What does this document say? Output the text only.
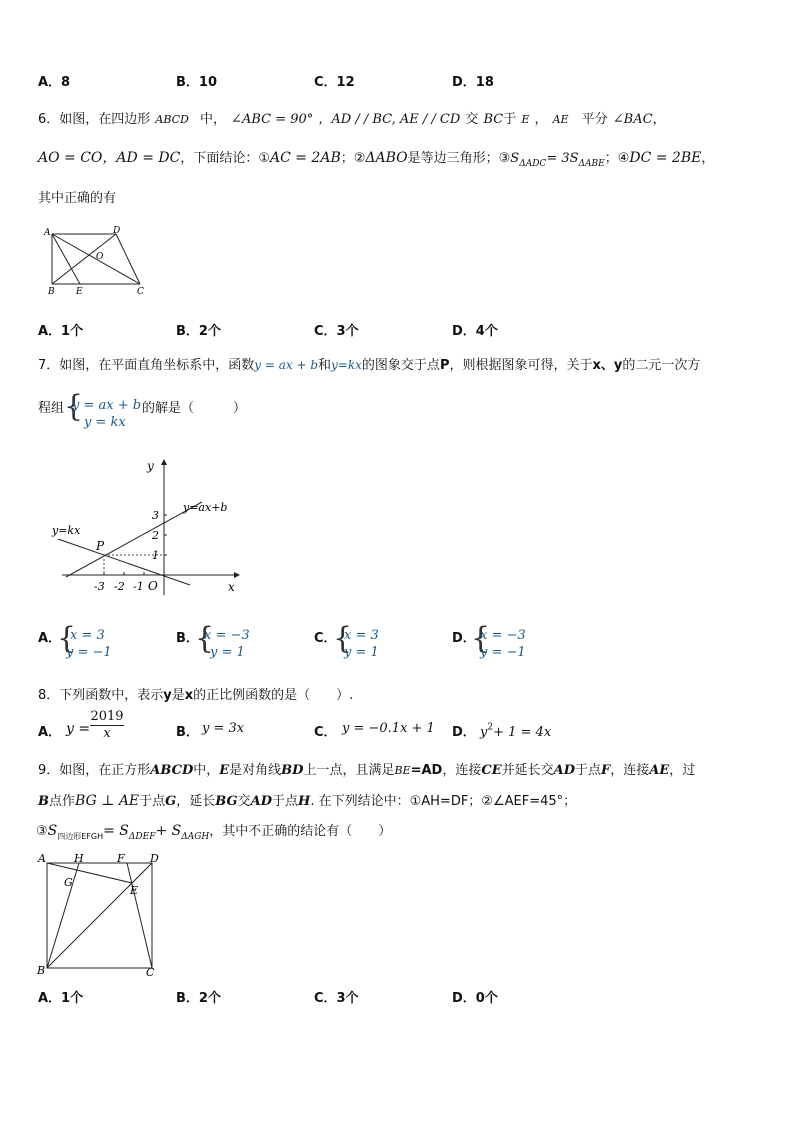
A．8	B．10	C．12	D．18
6．如图，在四边形 ABCD 中， ∠ABC = 90° ，AD / / BC, AE / / CD 交 BC于 E ， AE 平分 ∠BAC，
AO = CO，AD = DC，下面结论：①AC = 2AB；②ΔABO是等边三角形；$③S_{\Delta ADC}= 3S_{\Delta ABE}$；④DC = 2BE，
其中正确的有
A	D
B E	C
O
A．1个	B．2个	C．3个	D．4个
7．如图，在平面直角坐标系中，函数y = ax + b和y=kx的图象交于点P，则根据图象可得，关于x、y的二元一次方
程组 {
y = ax + b
y = kx
的解是（　　　）
y
x
O
y=ax+b
y=kx
P
-3 -2 -1
3
2
1
A．
{
x = 3
y = −1
B．
{
x = −3
y = 1
C．
{
x = 3
y = 1
D．
{
x = −3
y = −1
8．下列函数中，表示y是x的正比例函数的是（　　）.
A． $y = \frac{2019}{x}$	B． y = 3x	C． y = −0.1x + 1 D． $y^2+ 1 = 4x$
9．如图，在正方形ABCD中，E是对角线BD上一点，且满足BE=AD，连接CE并延长交AD于点F，连接AE，过
B点作BG ⊥ AE于点G，延长BG交AD于点H. 在下列结论中：①AH=DF；②∠AEF=45°；
$③S_{四边形EFGH}= S_{\Delta DEF}+ S_{\Delta AGH}$，其中不正确的结论有（　　）
A	H	F D
G
E
B	C
A．1个	B．2个	C．3个	D．0个
